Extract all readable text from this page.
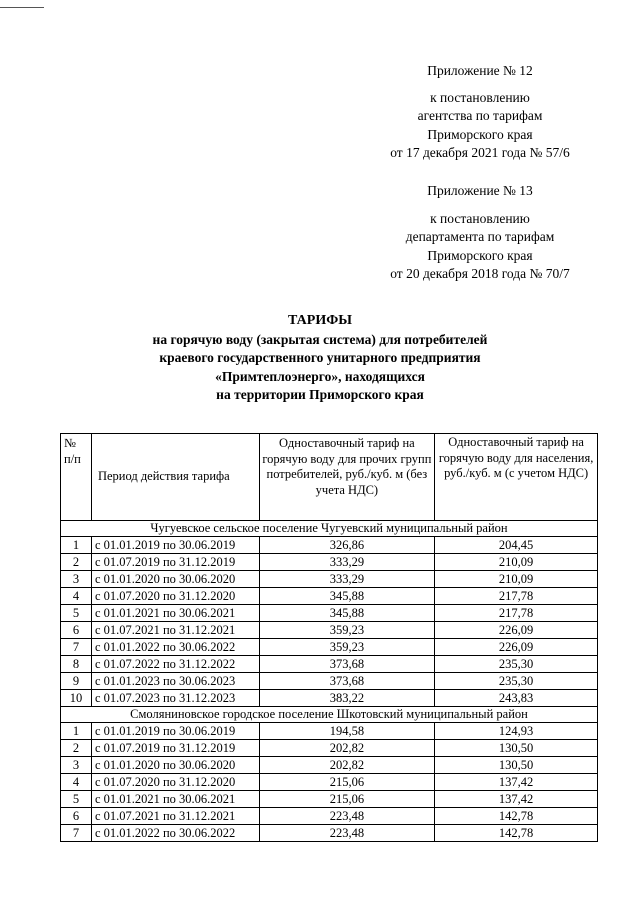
Приложение № 12
к постановлению
агентства по тарифам
Приморского края
от 17 декабря 2021 года № 57/6
Приложение № 13
к постановлению
департамента по тарифам
Приморского края
от 20 декабря 2018 года № 70/7
ТАРИФЫ
на горячую воду (закрытая система) для потребителей
краевого государственного унитарного предприятия
«Примтеплоэнерго», находящихся
на территории Приморского края
№ п/п	Период действия тарифа	Одноставочный тариф на горячую воду для прочих групп потребителей, руб./куб. м (без учета НДС)	Одноставочный тариф на горячую воду для населения, руб./куб. м (с учетом НДС)
Чугуевское сельское поселение Чугуевский муниципальный район			
1	с 01.01.2019 по 30.06.2019	326,86	204,45
2	с 01.07.2019 по 31.12.2019	333,29	210,09
3	с 01.01.2020 по 30.06.2020	333,29	210,09
4	с 01.07.2020 по 31.12.2020	345,88	217,78
5	с 01.01.2021 по 30.06.2021	345,88	217,78
6	с 01.07.2021 по 31.12.2021	359,23	226,09
7	с 01.01.2022 по 30.06.2022	359,23	226,09
8	с 01.07.2022 по 31.12.2022	373,68	235,30
9	с 01.01.2023 по 30.06.2023	373,68	235,30
10	с 01.07.2023 по 31.12.2023	383,22	243,83
Смоляниновское городское поселение Шкотовский муниципальный район			
1	с 01.01.2019 по 30.06.2019	194,58	124,93
2	с 01.07.2019 по 31.12.2019	202,82	130,50
3	с 01.01.2020 по 30.06.2020	202,82	130,50
4	с 01.07.2020 по 31.12.2020	215,06	137,42
5	с 01.01.2021 по 30.06.2021	215,06	137,42
6	с 01.07.2021 по 31.12.2021	223,48	142,78
7	с 01.01.2022 по 30.06.2022	223,48	142,78
